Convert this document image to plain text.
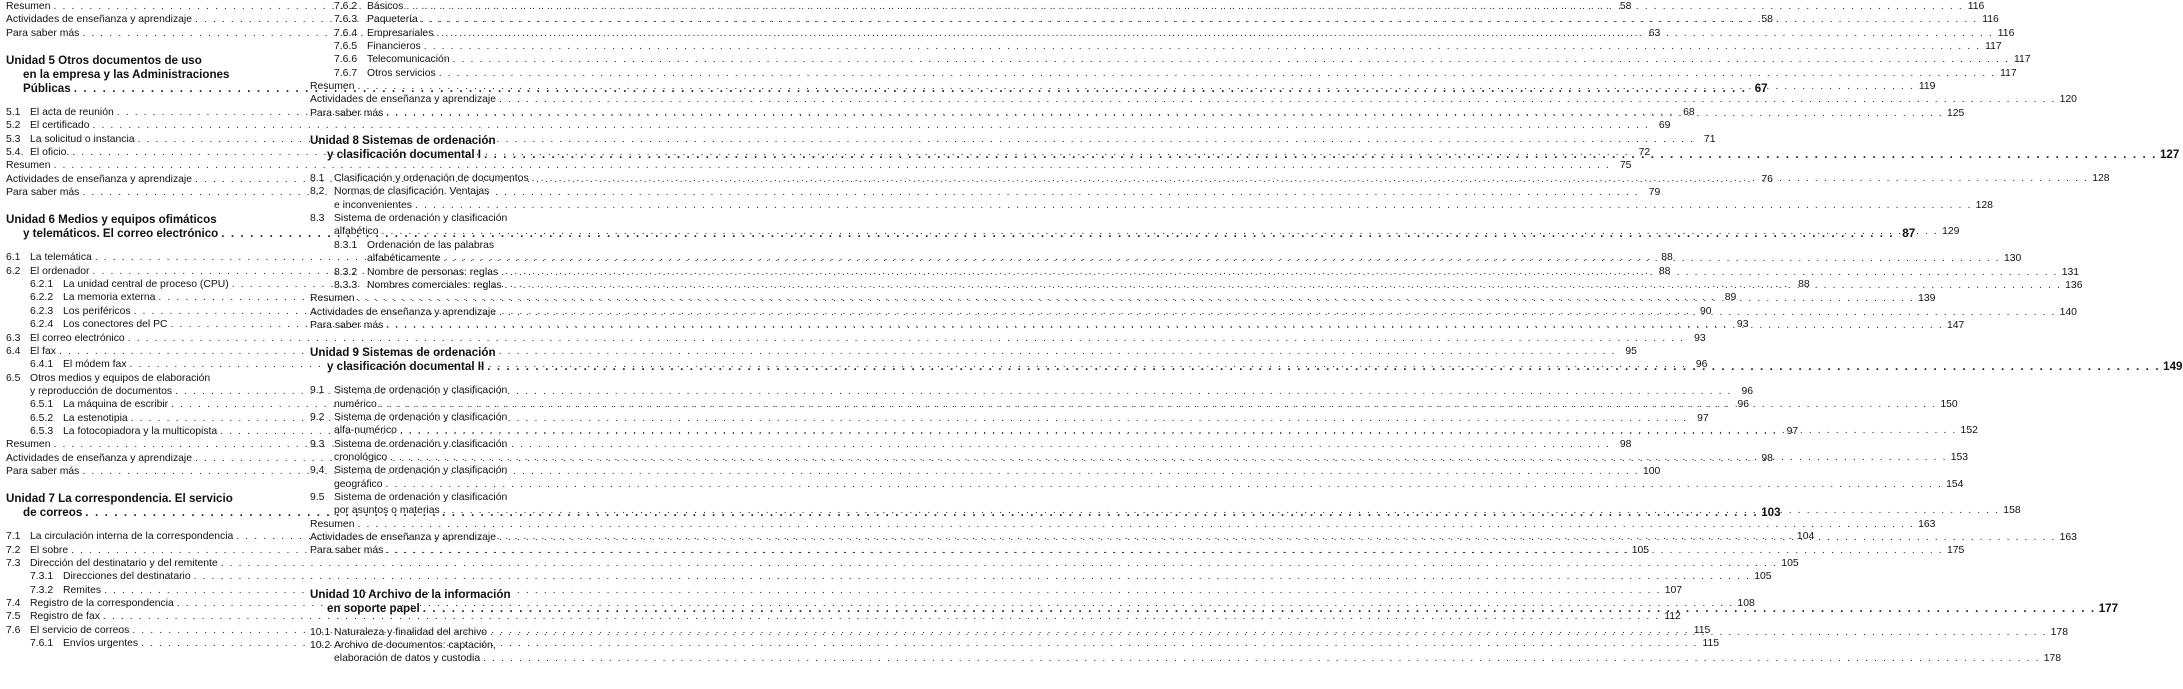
Resumen . . .	58
Actividades de enseñanza y aprendizaje . . .	58
Para saber más . . .	63
Unidad 5 Otros documentos de uso
en la empresa y las Administraciones
Públicas . . .	67
5.1 El acta de reunión . . .	68
5.2 El certificado . . .	69
5.3 La solicitud o instancia . . .	71
5.4. El oficio. . . .	72
Resumen . . .	75
Actividades de enseñanza y aprendizaje . . .	76
Para saber más . . .	79
Unidad 6 Medios y equipos ofimáticos
y telemáticos. El correo electrónico . . .	87
6.1 La telemática . . .	88
6.2 El ordenador . . .	88
6.2.1 La unidad central de proceso (CPU) . . .	88
6.2.2 La memoria externa . . .	89
6.2.3 Los periféricos . . .	90
6.2.4 Los conectores del PC . . .	93
6.3 El correo electrónico . . .	93
6.4 El fax . . .	95
6.4.1 El módem fax . . .	96
6.5 Otros medios y equipos de elaboración
y reproducción de documentos . . .	96
6.5.1 La máquina de escribir . . .	96
6.5.2 La estenotipia . . .	97
6.5.3 La fotocopiadora y la multicopista . . .	97
Resumen . . .	98
Actividades de enseñanza y aprendizaje . . .	98
Para saber más . . .	100
Unidad 7 La correspondencia. El servicio
de correos . . .	103
7.1 La circulación interna de la correspondencia . . .	104
7.2 El sobre . . .	105
7.3 Dirección del destinatario y del remitente . . .	105
7.3.1 Direcciones del destinatario . . .	105
7.3.2 Remites . . .	107
7.4 Registro de la correspondencia . . .	108
7.5 Registro de fax . . .	112
7.6 El servicio de correos . . .	115
7.6.1 Envíos urgentes . . .	115
7.6.2 Básicos . . .	116
7.6.3 Paquetería . . .	116
7.6.4 Empresariales . . .	116
7.6.5 Financieros . . .	117
7.6.6 Telecomunicación . . .	117
7.6.7 Otros servicios . . .	117
Resumen . . .	119
Actividades de enseñanza y aprendizaje . . .	120
Para saber más . . .	125
Unidad 8 Sistemas de ordenación
y clasificación documental I . . .	127
8.1 Clasificación y ordenación de documentos . . .	128
8.2 Normas de clasificación. Ventajas
e inconvenientes . . .	128
8.3 Sistema de ordenación y clasificación
alfabético . . .	129
8.3.1 Ordenación de las palabras
alfabéticamente . . .	130
8.3.2 Nombre de personas: reglas . . .	131
8.3.3 Nombres comerciales: reglas . . .	136
Resumen . . .	139
Actividades de enseñanza y aprendizaje . . .	140
Para saber más . . .	147
Unidad 9 Sistemas de ordenación
y clasificación documental II . . .	149
9.1 Sistema de ordenación y clasificación
numérico . . .	150
9.2 Sistema de ordenación y clasificación
alfa-numérico . . .	152
9.3 Sistema de ordenación y clasificación
cronológico . . .	153
9.4 Sistema de ordenación y clasificación
geográfico . . .	154
9.5 Sistema de ordenación y clasificación
por asuntos o materias . . .	158
Resumen . . .	163
Actividades de enseñanza y aprendizaje . . .	163
Para saber más . . .	175
Unidad 10 Archivo de la información
en soporte papel . . .	177
10.1 Naturaleza y finalidad del archivo . . .	178
10.2 Archivo de documentos: captación,
elaboración de datos y custodia . . .	178
